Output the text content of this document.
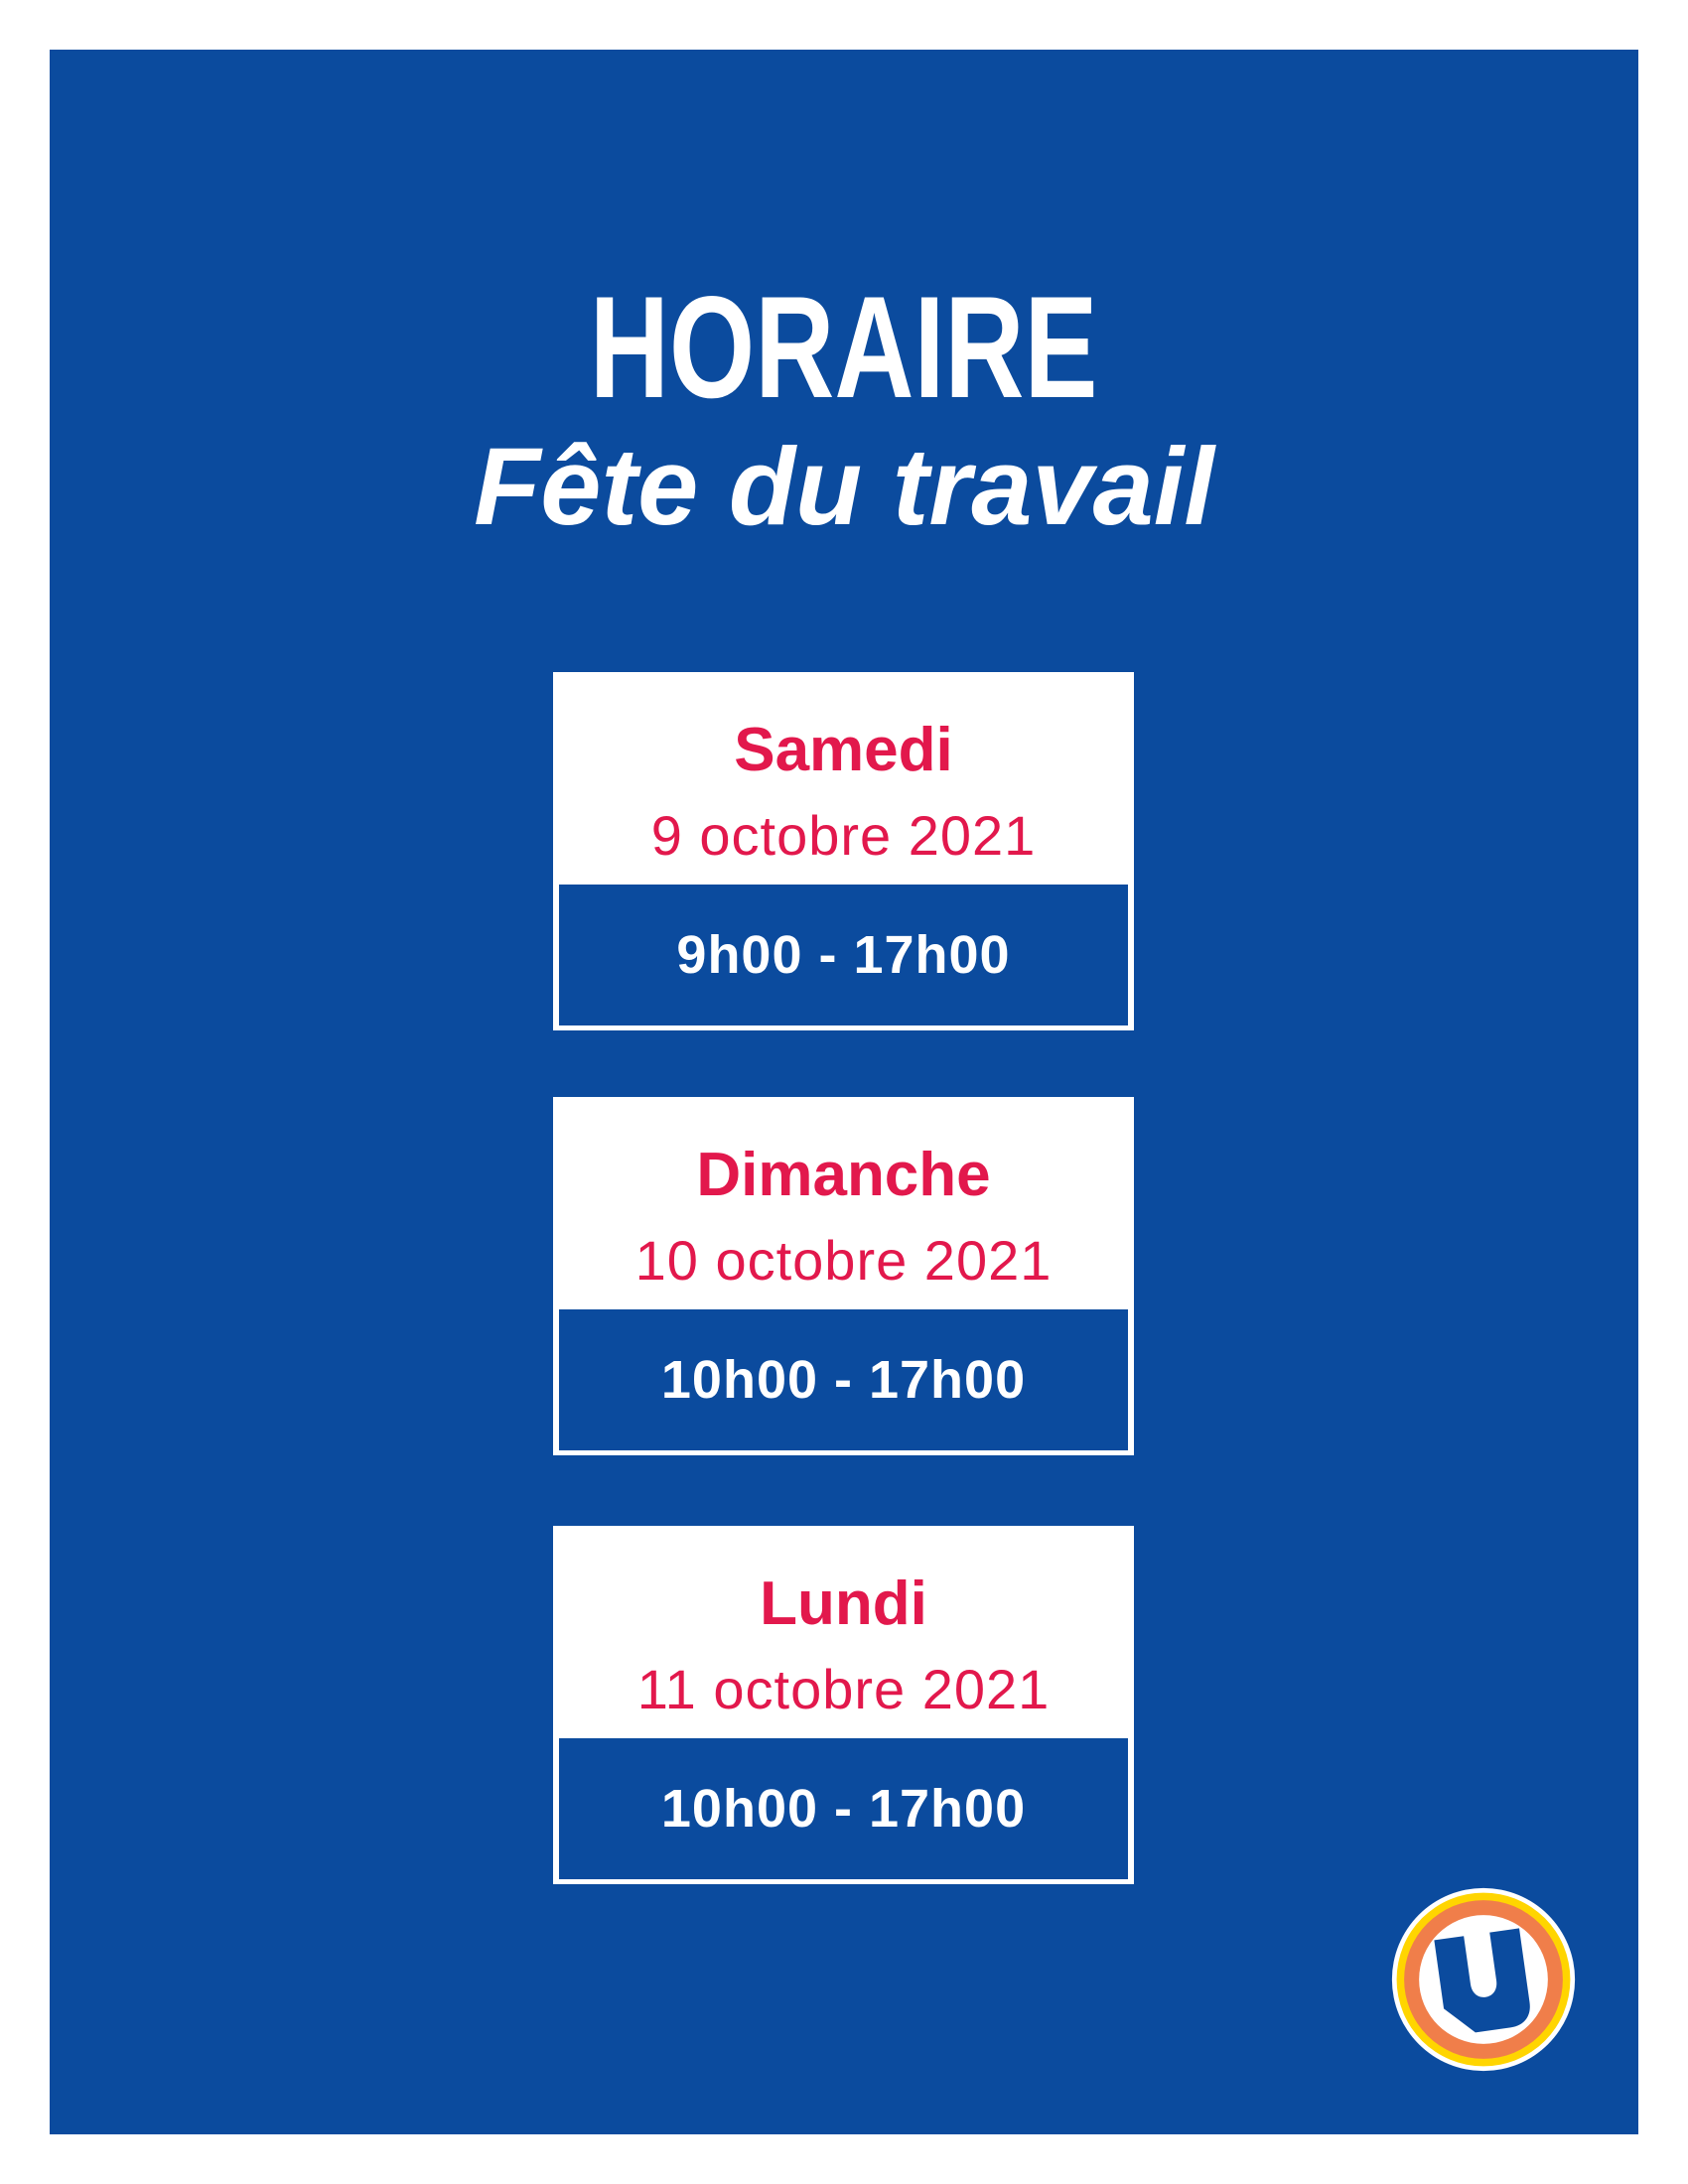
HORAIRE
Fête du travail
Samedi
9 octobre 2021
9h00 - 17h00
Dimanche
10 octobre 2021
10h00 - 17h00
Lundi
11 octobre 2021
10h00 - 17h00
